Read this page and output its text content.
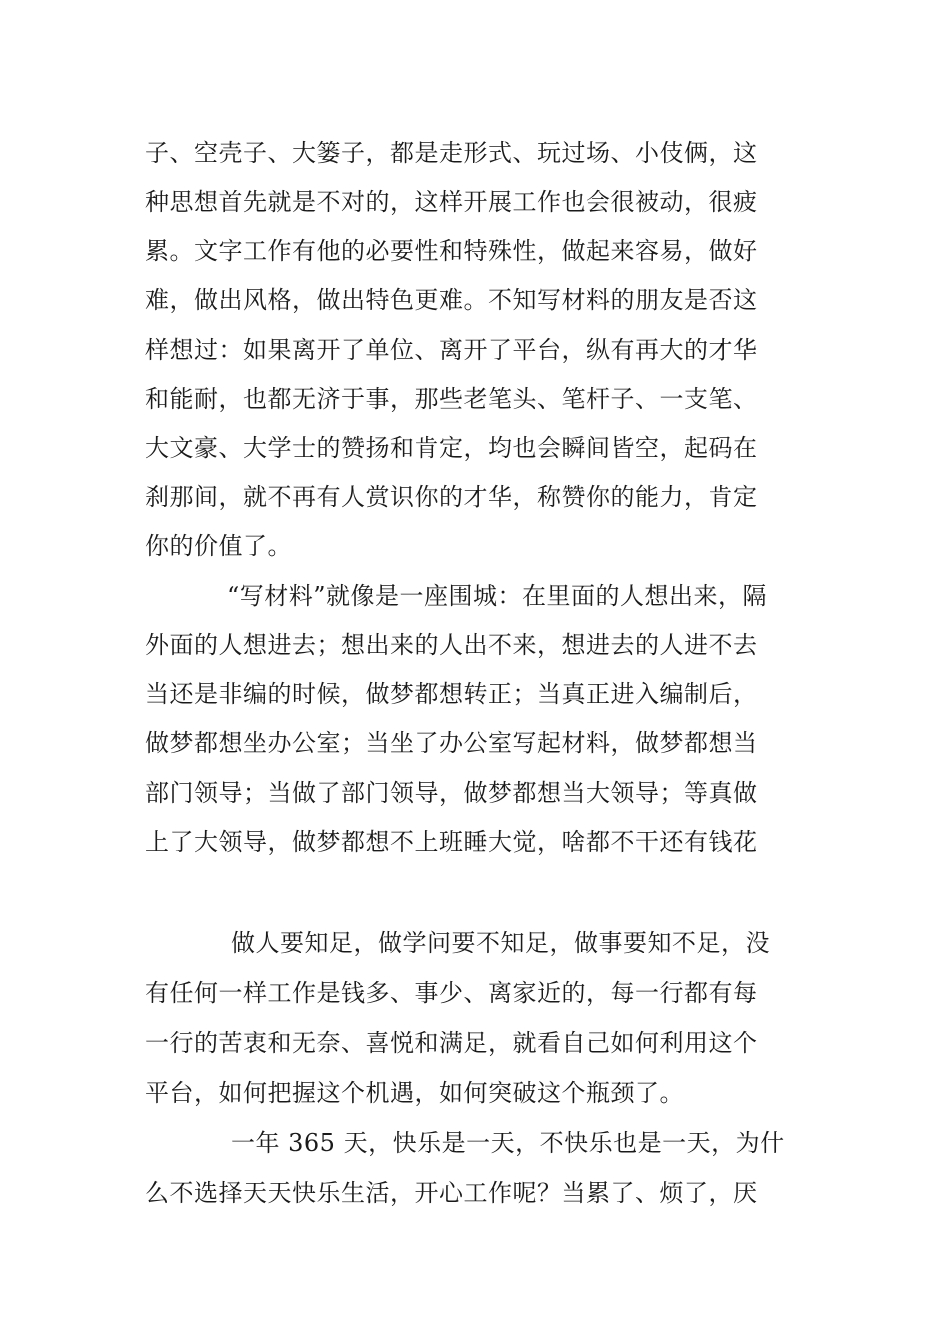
子、空壳子、大篓子，都是走形式、玩过场、小伎俩，这
种思想首先就是不对的，这样开展工作也会很被动，很疲
累。文字工作有他的必要性和特殊性，做起来容易，做好
难，做出风格，做出特色更难。不知写材料的朋友是否这
样想过：如果离开了单位、离开了平台，纵有再大的才华
和能耐，也都无济于事，那些老笔头、笔杆子、一支笔、
大文豪、大学士的赞扬和肯定，均也会瞬间皆空，起码在
刹那间，就不再有人赏识你的才华，称赞你的能力，肯定
你的价值了。
“写材料”就像是一座围城：在里面的人想出来，隔
外面的人想进去；想出来的人出不来，想进去的人进不去
当还是非编的时候，做梦都想转正；当真正进入编制后，
做梦都想坐办公室；当坐了办公室写起材料，做梦都想当
部门领导；当做了部门领导，做梦都想当大领导；等真做
上了大领导，做梦都想不上班睡大觉，啥都不干还有钱花
做人要知足，做学问要不知足，做事要知不足，没
有任何一样工作是钱多、事少、离家近的，每一行都有每
一行的苦衷和无奈、喜悦和满足，就看自己如何利用这个
平台，如何把握这个机遇，如何突破这个瓶颈了。
一年 365 天，快乐是一天，不快乐也是一天，为什
么不选择天天快乐生活，开心工作呢？当累了、烦了，厌
